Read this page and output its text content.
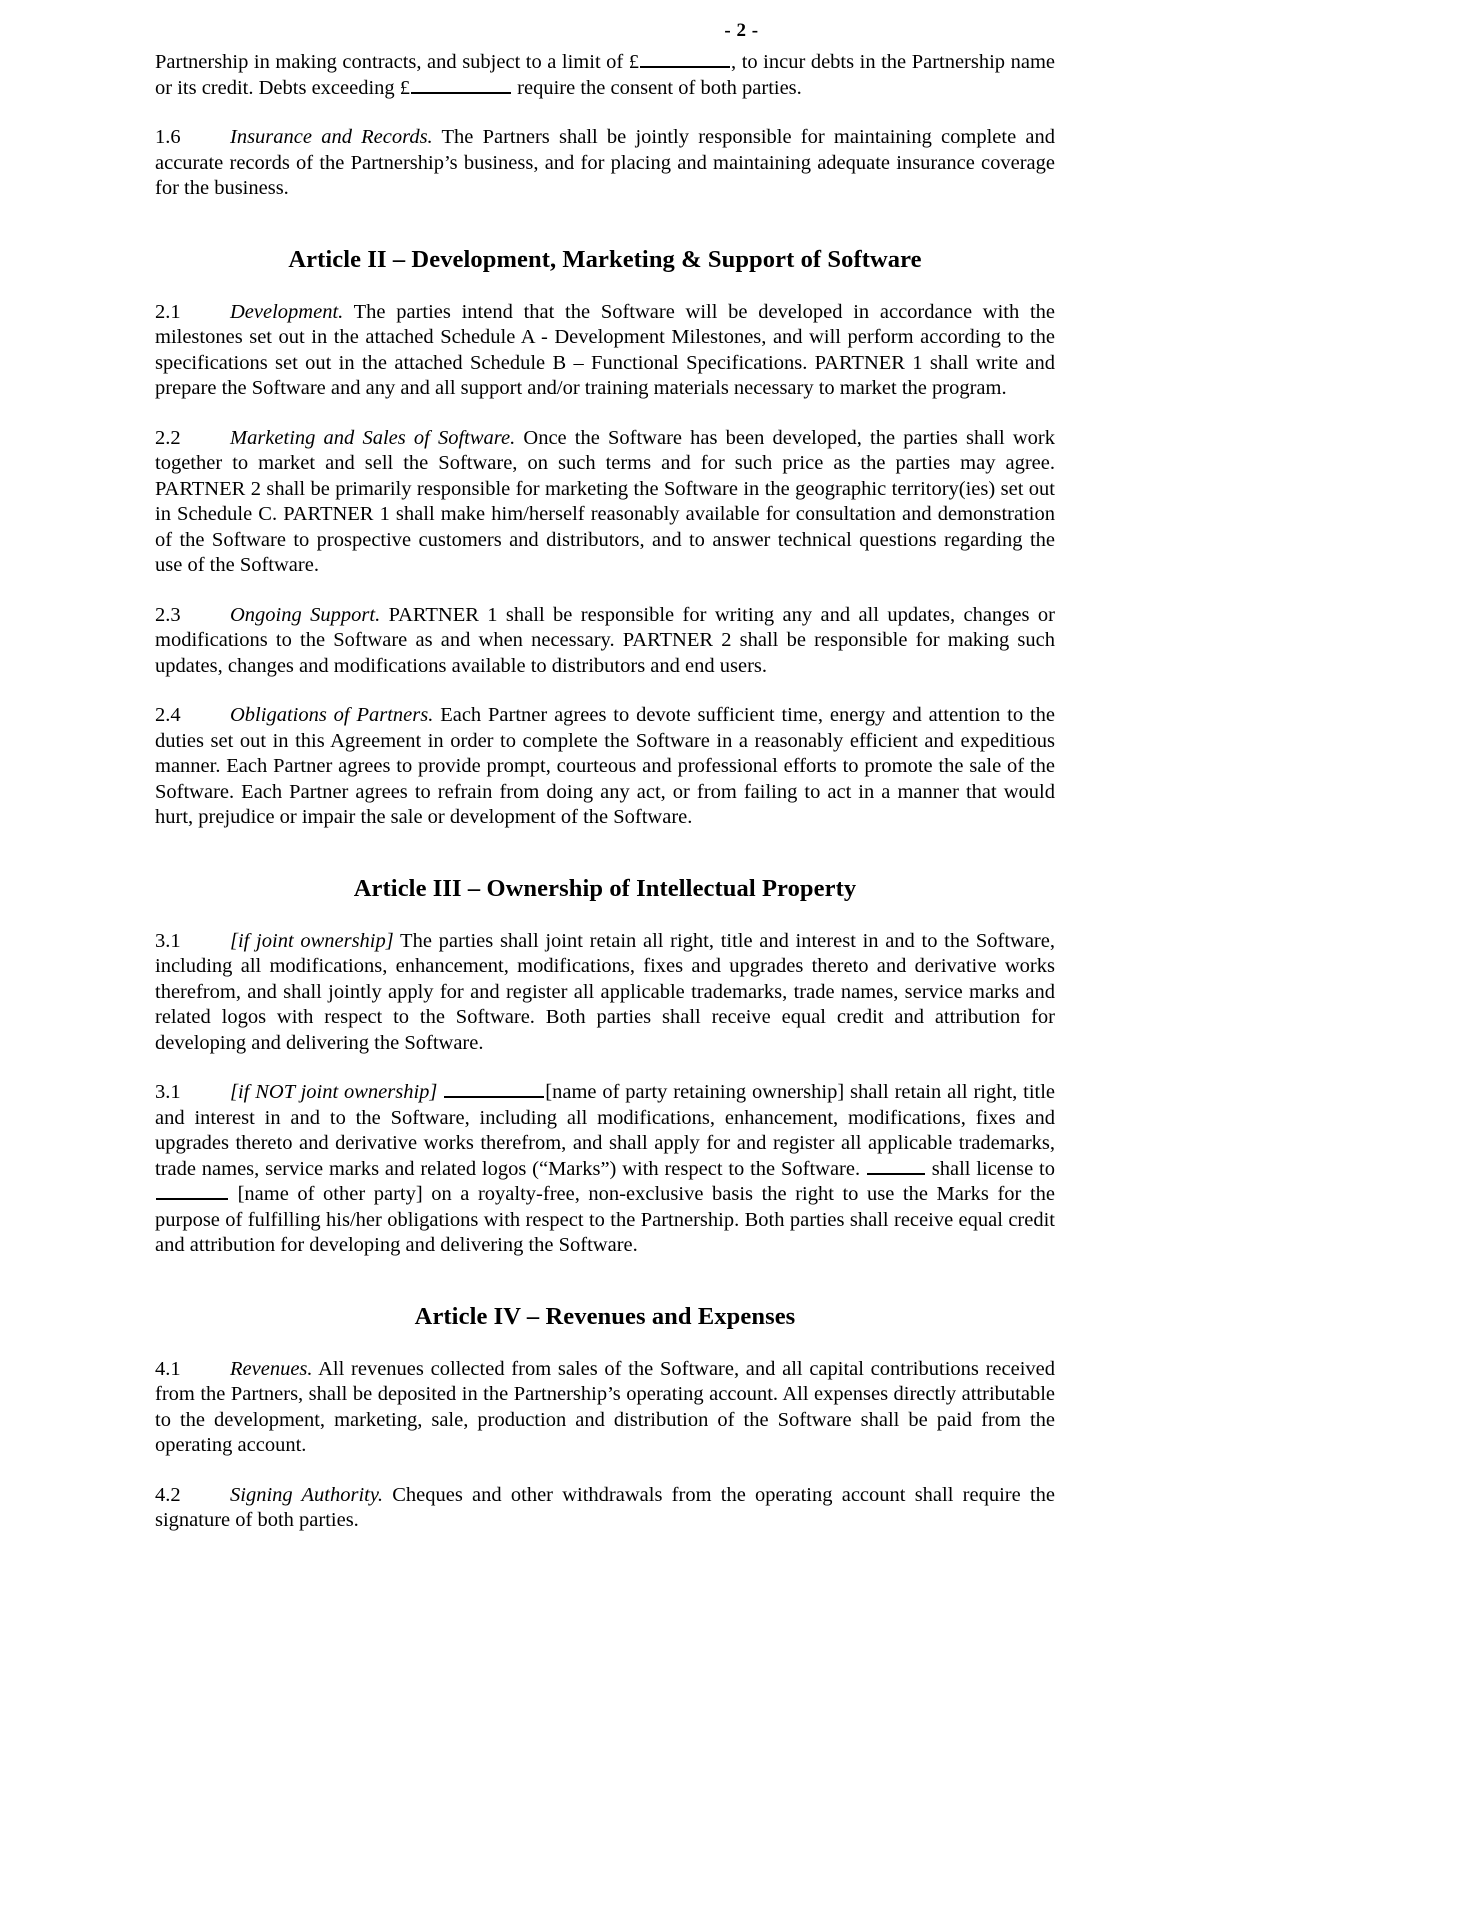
- 2 -

Partnership in making contracts, and subject to a limit of £	, to incur debts in the Partnership name or its credit. Debts exceeding £	require the consent of both parties.

1.6 Insurance and Records. The Partners shall be jointly responsible for maintaining complete and accurate records of the Partnership’s business, and for placing and maintaining adequate insurance coverage for the business.

Article II – Development, Marketing & Support of Software

2.1 Development. The parties intend that the Software will be developed in accordance with the milestones set out in the attached Schedule A - Development Milestones, and will perform according to the specifications set out in the attached Schedule B – Functional Specifications. PARTNER 1 shall write and prepare the Software and any and all support and/or training materials necessary to market the program.

2.2 Marketing and Sales of Software. Once the Software has been developed, the parties shall work together to market and sell the Software, on such terms and for such price as the parties may agree. PARTNER 2 shall be primarily responsible for marketing the Software in the geographic territory(ies) set out in Schedule C. PARTNER 1 shall make him/herself reasonably available for consultation and demonstration of the Software to prospective customers and distributors, and to answer technical questions regarding the use of the Software.

2.3 Ongoing Support. PARTNER 1 shall be responsible for writing any and all updates, changes or modifications to the Software as and when necessary. PARTNER 2 shall be responsible for making such updates, changes and modifications available to distributors and end users.

2.4 Obligations of Partners. Each Partner agrees to devote sufficient time, energy and attention to the duties set out in this Agreement in order to complete the Software in a reasonably efficient and expeditious manner. Each Partner agrees to provide prompt, courteous and professional efforts to promote the sale of the Software. Each Partner agrees to refrain from doing any act, or from failing to act in a manner that would hurt, prejudice or impair the sale or development of the Software.

Article III – Ownership of Intellectual Property

3.1 [if joint ownership] The parties shall joint retain all right, title and interest in and to the Software, including all modifications, enhancement, modifications, fixes and upgrades thereto and derivative works therefrom, and shall jointly apply for and register all applicable trademarks, trade names, service marks and related logos with respect to the Software. Both parties shall receive equal credit and attribution for developing and delivering the Software.

3.1 [if NOT joint ownership]	[name of party retaining ownership] shall retain all right, title and interest in and to the Software, including all modifications, enhancement, modifications, fixes and upgrades thereto and derivative works therefrom, and shall apply for and register all applicable trademarks, trade names, service marks and related logos (“Marks”) with respect to the Software.	shall license to  [name of other party] on a royalty-free, non-exclusive basis the right to use the Marks for the purpose of fulfilling his/her obligations with respect to the Partnership. Both parties shall receive equal credit and attribution for developing and delivering the Software.

Article IV – Revenues and Expenses

4.1 Revenues. All revenues collected from sales of the Software, and all capital contributions received from the Partners, shall be deposited in the Partnership’s operating account. All expenses directly attributable to the development, marketing, sale, production and distribution of the Software shall be paid from the operating account.

4.2 Signing Authority. Cheques and other withdrawals from the operating account shall require the signature of both parties.
